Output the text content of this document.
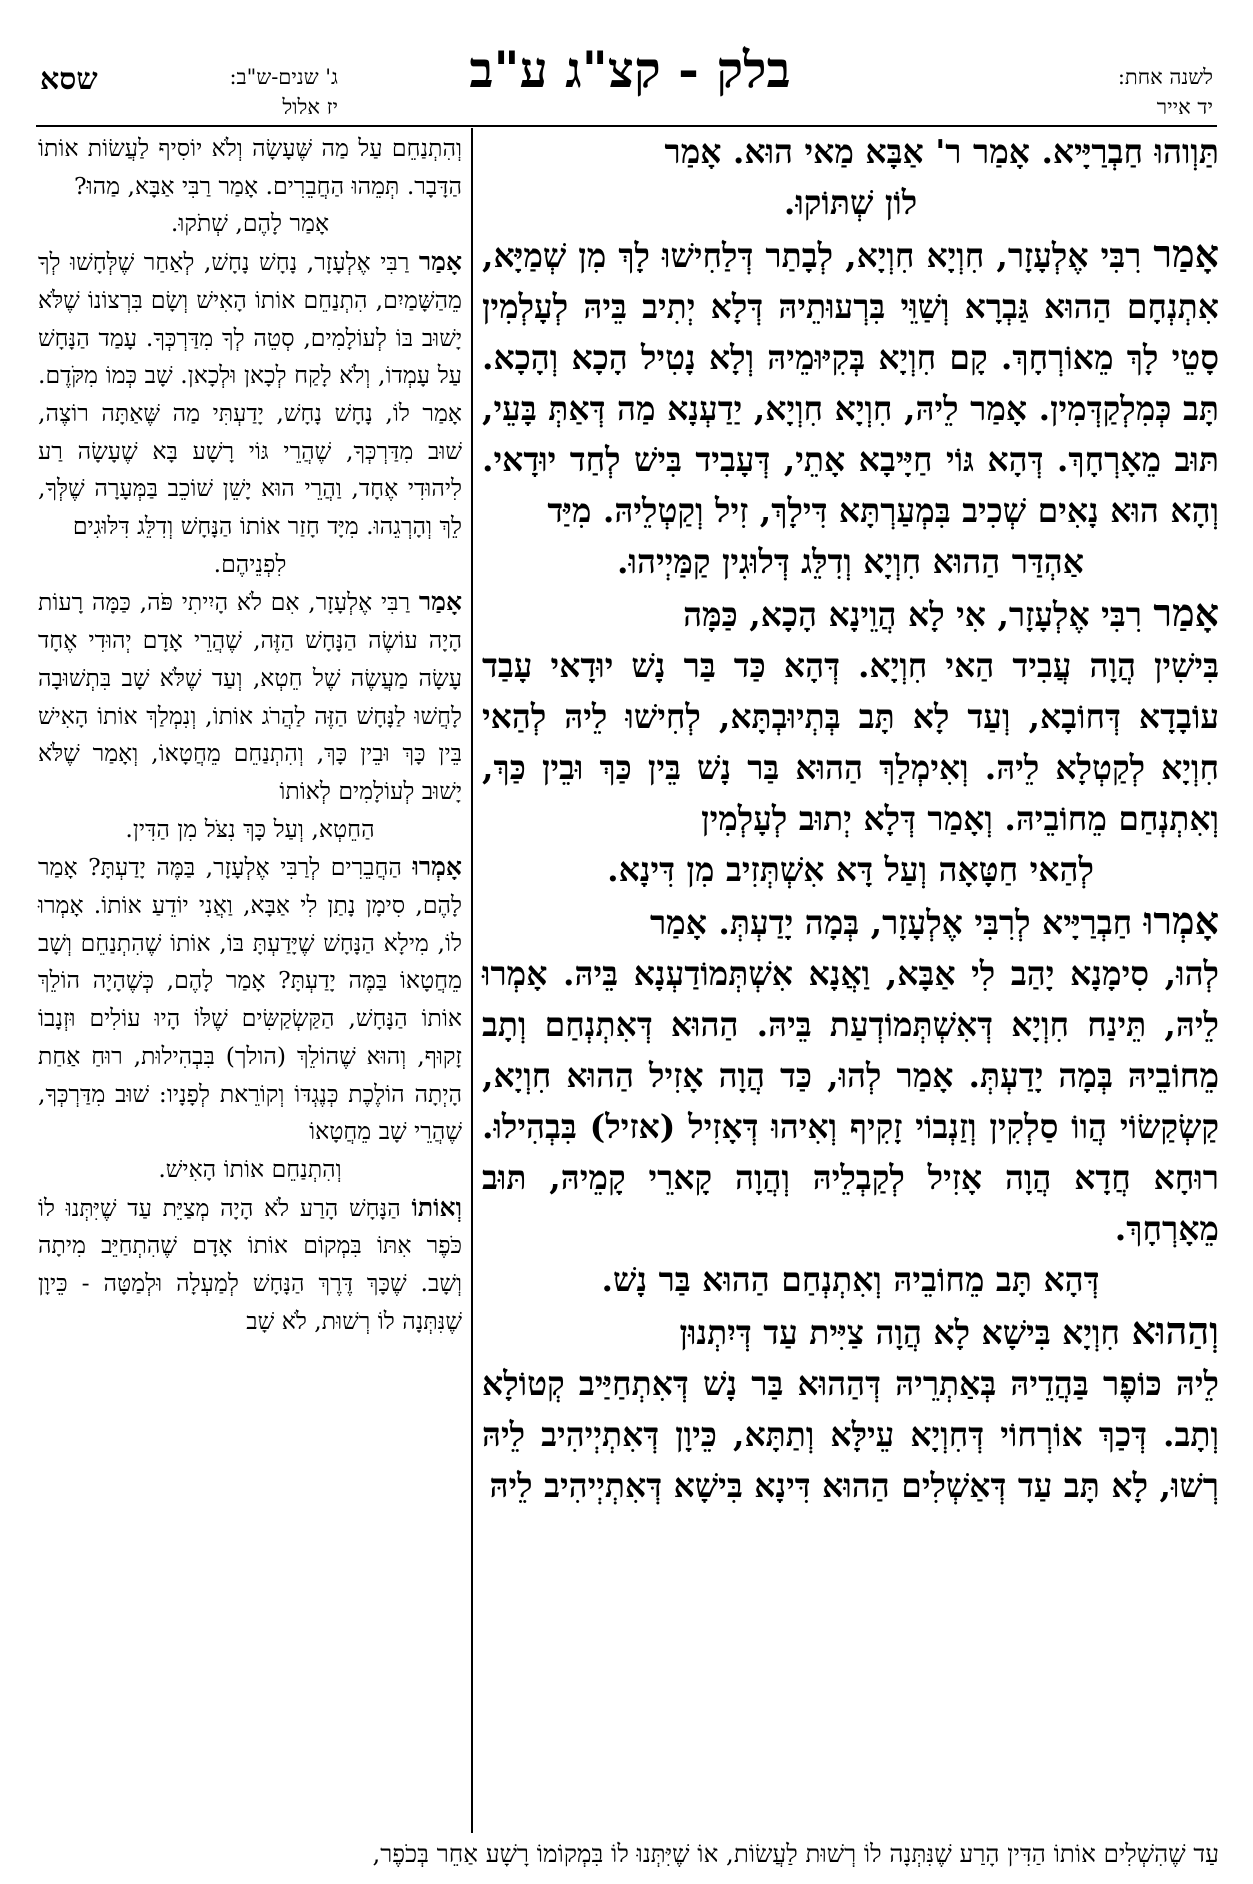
שסא	ג' שנים-ש"ב:
יז אלול
בלק - קצ"ג ע"ב	לשנה אחת:
יד אייר

תַּוְוהוּ חַבְרַיָּיא. אָמַר ר' אַבָּא מַאי הוּא. אָמַר

לוֹן שְׁתּוֹקוּ.

אָמַר רִבִּי אֶלְעָזָר, חִוְיָא חִוְיָא, לְבָתַר דְּלַחִישׁוּ לָךְ מִן שְׁמַיָּא, אִתְנְחָם הַהוּא גַּבְרָא וְשַׁוֵּי בִּרְעוּתֵיהּ דְּלָא יְתִיב בֵּיהּ לְעָלְמִין סָטֵי לָךְ מֵאוֹרְחָךְ. קָם חִוְיָא בְּקִיּוּמֵיהּ וְלָא נָטִיל הָכָא וְהָכָא. תָּב כְּמִלְקַדְּמִין. אָמַר לֵיהּ, חִוְיָא חִוְיָא, יַדַעְנָא מַה דְּאַתְּ בָּעֵי, תּוּב מֵאָרְחָךְ. דְּהָא גּוֹי חַיָּיבָא אָתֵי, דְּעָבִיד בִּישׁ לְחַד יוּדָאי. וְהָא הוּא נָאִים שְׁכִיב בִּמְעַרְתָּא דִּילָךְ, זִיל וְקַטְלֵיהּ. מִיַּד

אַהְדַּר הַהוּא חִוְיָא וְדִלֵּג דְּלוּגִין קַמַּיְיהוּ.

אָמַר רִבִּי אֶלְעָזָר, אִי לָא הֲוֵינָא הָכָא, כַּמָּה

בִּישִׁין הֲוָה עֲבִיד הַאי חִוְיָא. דְּהָא כַּד בַּר נָשׁ יוּדָאי עָבַד עוֹבָדָא דְּחוֹבָא, וְעַד לָא תָּב בְּתְיוּבְתָּא, לְחִישׁוּ לֵיהּ לְהַאי חִוְיָא לְקַטְלָא לֵיהּ. וְאִימְלַךְ הַהוּא בַּר נָשׁ בֵּין כַּךְ וּבֵין כַּךְ, וְאִתְנְחַם מֵחוֹבֵיהּ. וְאָמַר דְּלָא יְתוּב לְעָלְמִין

לְהַאי חַטָּאָה וְעַל דָּא אִשְׁתְּזִיב מִן דִּינָא.

אָמְרוּ חַבְרַיָּיא לְרִבִּי אֶלְעָזָר, בְּמָה יָדַעְתְּ. אָמַר

לְהוּ, סִימָנָא יָהַב לִי אַבָּא, וַאֲנָא אִשְׁתְּמוֹדַעְנָא בֵּיהּ. אָמְרוּ לֵיהּ, תֵּינַח חִוְיָא דְּאִשְׁתְּמוֹדְעַת בֵּיהּ. הַהוּא דְּאִתְנְחַם וְתָב מֵחוֹבֵיהּ בְּמָה יָדַעְתְּ. אָמַר לְהוּ, כַּד הֲוָה אָזִיל הַהוּא חִוְיָא, קַשְׂקַשׂוֹי הֲווֹ סַלְקִין וְזַנְבוֹי זָקִיף וְאִיהוּ דְּאָזִיל (אזיל) בִּבְהִילוּ. רוּחָא חֲדָא הֲוָה אָזִיל לְקַבְלֵיהּ וְהֲוָה קָארֵי קָמֵיהּ, תּוּב מֵאָרְחָךְ.

דְּהָא תָּב מֵחוֹבֵיהּ וְאִתְנְחַם הַהוּא בַּר נָשׁ.

וְהַהוּא חִוְיָא בִּישָׁא לָא הֲוָה צַיִּית עַד דְּיִתְנוּן

לֵיהּ כּוֹפֶר בַּהֲדֵיהּ בְּאַתְרֵיהּ דְּהַהוּא בַּר נָשׁ דְּאִתְחַיַּיב קְטוֹלָא וְתָב. דְּכַךְ אוֹרְחוֹי דְּחִוְיָא עֵילָּא וְתַתָּא, כֵּיוָן דְּאִתְיְיהִיב לֵיהּ רְשׁוּ, לָא תָּב עַד דְּאַשְׁלִים הַהוּא דִּינָא בִּישָׁא דְּאִתְיְיהִיב לֵיהּ

וְהִתְנַחֵם עַל מַה שֶּׁעָשָׂה וְלֹא יוֹסִיף לַעֲשׂוֹת אוֹתוֹ הַדָּבָר. תְּמֵהוּ הַחֲבֵרִים. אָמַר רַבִּי אַבָּא, מַהוּ?

אָמַר לָהֶם, שְׁתֹקוּ.

אָמַר רַבִּי אֶלְעָזָר, נָחָשׁ נָחָשׁ, לְאַחַר שֶׁלְּחָשׁוּ לְךָ מֵהַשָּׁמַיִם, הִתְנַחֵם אוֹתוֹ הָאִישׁ וְשָׂם בִּרְצוֹנוֹ שֶׁלֹּא יָשׁוּב בּוֹ לְעוֹלָמִים, סְטֵה לְךָ מִדַּרְכְּךָ. עָמַד הַנָּחָשׁ עַל עָמְדוֹ, וְלֹא לָקַח לְכָאן וּלְכָאן. שָׁב כְּמוֹ מִקֹּדֶם. אָמַר לוֹ, נָחָשׁ נָחָשׁ, יָדַעְתִּי מַה שֶּׁאַתָּה רוֹצֶה, שׁוּב מִדַּרְכְּךָ, שֶׁהֲרֵי גּוֹי רָשָׁע בָּא שֶׁעָשָׂה רַע לִיהוּדִי אֶחָד, וַהֲרֵי הוּא יָשֵׁן שׁוֹכֵב בַּמְּעָרָה שֶׁלְּךָ, לֵךְ וְהָרְגֵהוּ. מִיָּד חָזַר אוֹתוֹ הַנָּחָשׁ וְדִלֵּג דִּלּוּגִים

לִפְנֵיהֶם.

אָמַר רַבִּי אֶלְעָזָר, אִם לֹא הָיִיתִי פֹּה, כַּמָּה רָעוֹת הָיָה עוֹשֶׂה הַנָּחָשׁ הַזֶּה, שֶׁהֲרֵי אָדָם יְהוּדִי אֶחָד עָשָׂה מַעֲשֶׂה שֶׁל חֵטְא, וְעַד שֶׁלֹּא שָׁב בִּתְשׁוּבָה לָחֲשׁוּ לַנָּחָשׁ הַזֶּה לַהֲרֹג אוֹתוֹ, וְנִמְלַךְ אוֹתוֹ הָאִישׁ בֵּין כָּךְ וּבֵין כָּךְ, וְהִתְנַחֵם מֵחֲטָאוֹ, וְאָמַר שֶׁלֹּא יָשׁוּב לְעוֹלָמִים לְאוֹתוֹ

הַחֵטְא, וְעַל כָּךְ נִצֹּל מִן הַדִּין.

אָמְרוּ הַחֲבֵרִים לְרַבִּי אֶלְעָזָר, בַּמֶּה יָדַעְתָּ? אָמַר לָהֶם, סִימָן נָתַן לִי אַבָּא, וַאֲנִי יוֹדֵעַ אוֹתוֹ. אָמְרוּ לוֹ, מִילָא הַנָּחָשׁ שֶׁיָּדַעְתָּ בּוֹ, אוֹתוֹ שֶׁהִתְנַחֵם וְשָׁב מֵחֲטָאוֹ בַּמֶּה יָדַעְתָּ? אָמַר לָהֶם, כְּשֶׁהָיָה הוֹלֵךְ אוֹתוֹ הַנָּחָשׁ, הַקַּשְׂקַשִּׂים שֶׁלּוֹ הָיוּ עוֹלִים וּזְנָבוֹ זָקוּף, וְהוּא שֶׁהוֹלֵךְ (הולך) בִּבְהִילוּת, רוּחַ אַחַת הָיְתָה הוֹלֶכֶת כְּנֶגְדּוֹ וְקוֹרֵאת לְפָנָיו: שׁוּב מִדַּרְכְּךָ, שֶׁהֲרֵי שָׁב מֵחֲטָאוֹ

וְהִתְנַחֵם אוֹתוֹ הָאִישׁ.

וְאוֹתוֹ הַנָּחָשׁ הָרַע לֹא הָיָה מְצַיֵּת עַד שֶׁיִּתְּנוּ לוֹ כֹּפֶר אִתּוֹ בִּמְקוֹם אוֹתוֹ אָדָם שֶׁהִתְחַיֵּב מִיתָה וְשָׁב. שֶׁכָּךְ דֶּרֶךְ הַנָּחָשׁ לְמַעְלָה וּלְמַטָּה - כֵּיוָן שֶׁנִּתְּנָה לוֹ רְשׁוּת, לֹא שָׁב

עַד שֶׁהִשְׁלִים אוֹתוֹ הַדִּין הָרַע שֶׁנִּתְּנָה לוֹ רְשׁוּת לַעֲשׂוֹת, אוֹ שֶׁיִּתְּנוּ לוֹ בִּמְקוֹמוֹ רָשָׁע אַחֵר בְּכֹפֶר,
